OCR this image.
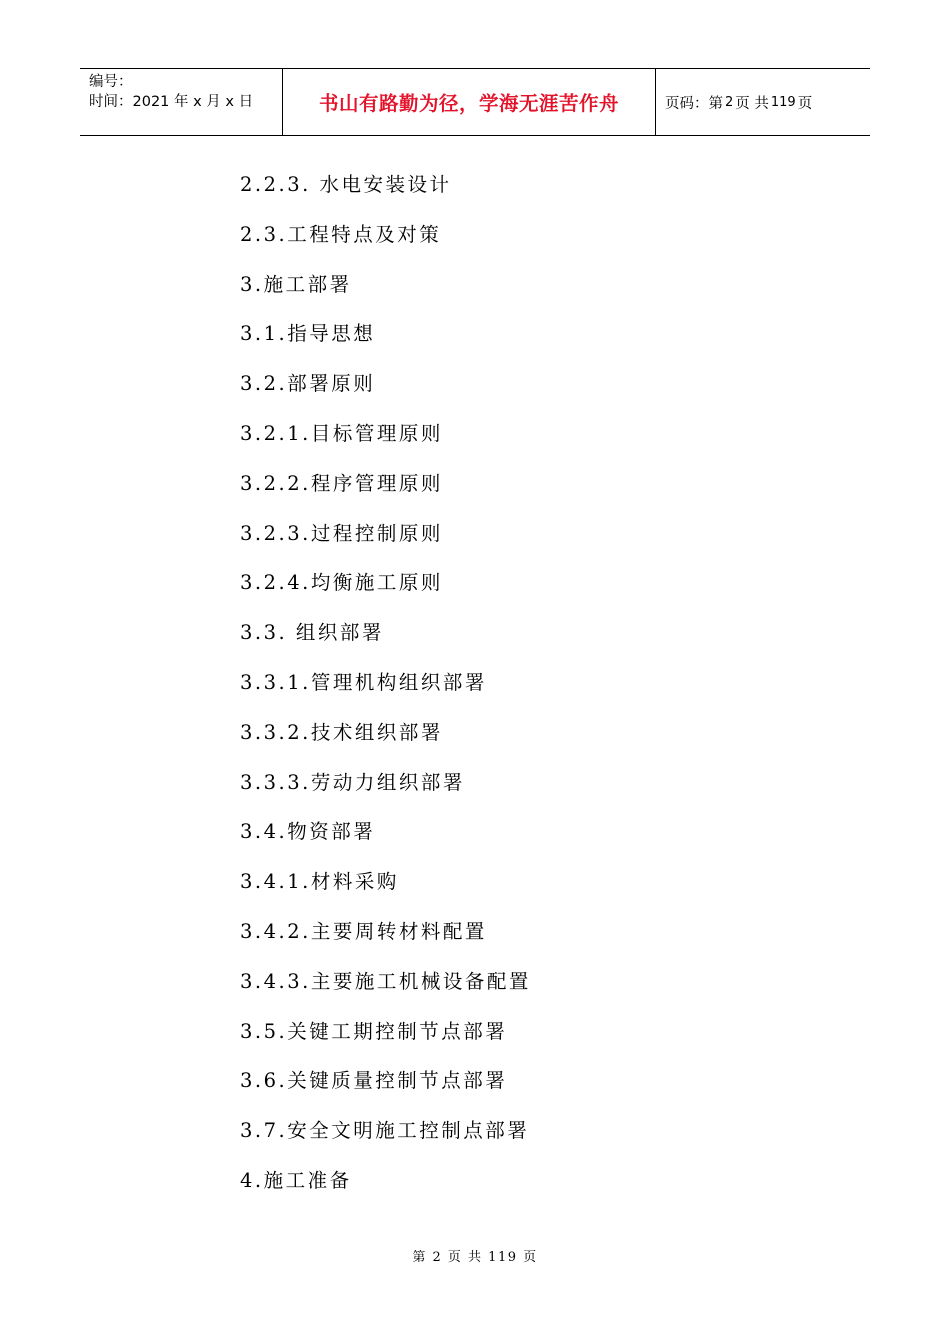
编号：
时间：2021 年 x 月 x 日	书山有路勤为径，学海无涯苦作舟	页码：第 2 页 共 119 页
2.2.3. 水电安装设计
2.3.工程特点及对策
3.施工部署
3.1.指导思想
3.2.部署原则
3.2.1.目标管理原则
3.2.2.程序管理原则
3.2.3.过程控制原则
3.2.4.均衡施工原则
3.3. 组织部署
3.3.1.管理机构组织部署
3.3.2.技术组织部署
3.3.3.劳动力组织部署
3.4.物资部署
3.4.1.材料采购
3.4.2.主要周转材料配置
3.4.3.主要施工机械设备配置
3.5.关键工期控制节点部署
3.6.关键质量控制节点部署
3.7.安全文明施工控制点部署
4.施工准备
第 2 页 共 119 页
